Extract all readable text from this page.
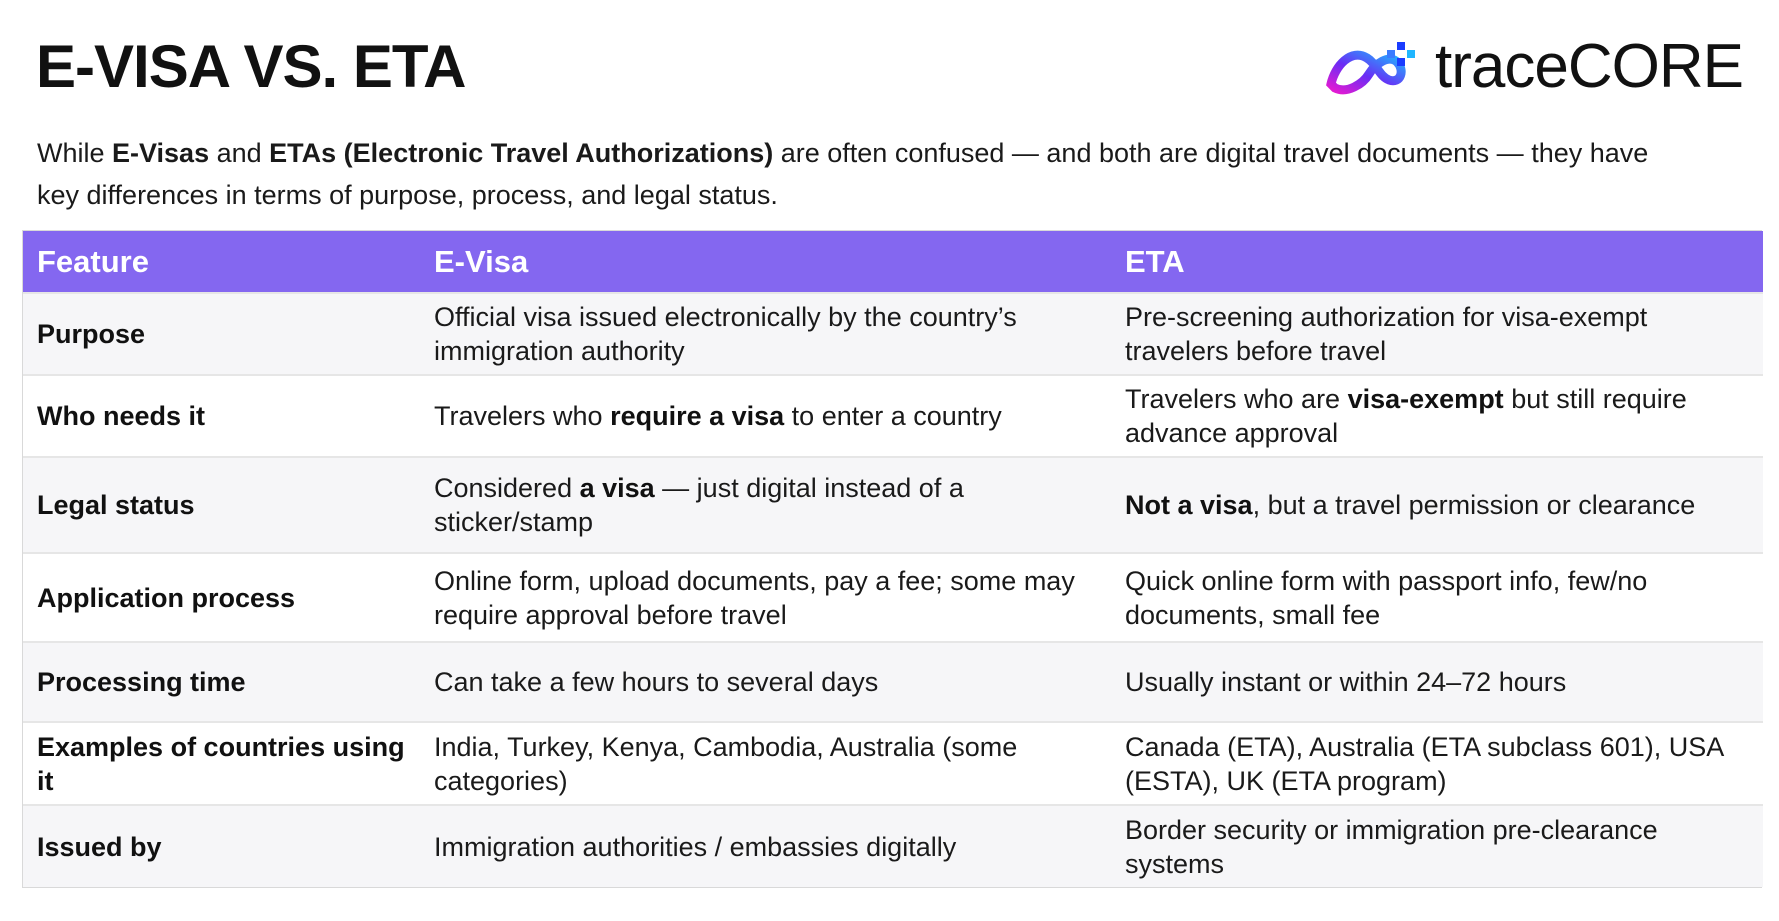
E-VISA VS. ETA	traceCORE

While E-Visas and ETAs (Electronic Travel Authorizations) are often confused — and both are digital travel documents — they have key differences in terms of purpose, process, and legal status.

Feature	E-Visa	ETA
Purpose	Official visa issued electronically by the country’s immigration authority	Pre-screening authorization for visa-exempt travelers before travel
Who needs it	Travelers who require a visa to enter a country	Travelers who are visa-exempt but still require advance approval
Legal status	Considered a visa — just digital instead of a sticker/stamp	Not a visa, but a travel permission or clearance
Application process	Online form, upload documents, pay a fee; some may require approval before travel	Quick online form with passport info, few/no documents, small fee
Processing time	Can take a few hours to several days	Usually instant or within 24–72 hours
Examples of countries using it	India, Turkey, Kenya, Cambodia, Australia (some categories)	Canada (ETA), Australia (ETA subclass 601), USA (ESTA), UK (ETA program)
Issued by	Immigration authorities / embassies digitally	Border security or immigration pre-clearance systems
